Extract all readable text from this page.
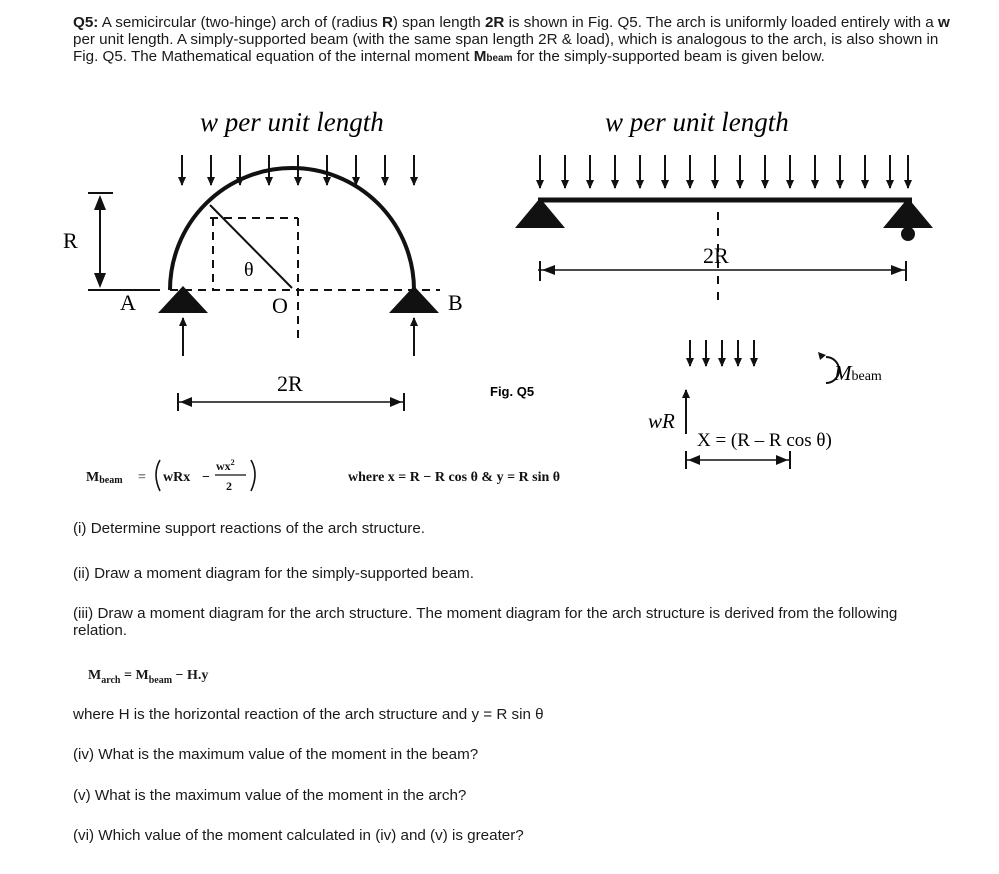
Q5: A semicircular (two-hinge) arch of (radius R) span length 2R is shown in Fig. Q5. The arch is uniformly loaded entirely with a w per unit length. A simply-supported beam (with the same span length 2R & load), which is analogous to the arch, is also shown in Fig. Q5. The Mathematical equation of the internal moment Mbeam for the simply-supported beam is given below.

w per unit length
R
θ
O
A	B
2R
w per unit length
2R
Fig. Q5
Mbeam
wR
X = (R – R cos θ)
Mbeam = wRx −
$wx^2$
2
where x = R − R cos θ & y = R sin θ

(i) Determine support reactions of the arch structure.

(ii) Draw a moment diagram for the simply-supported beam.

(iii) Draw a moment diagram for the arch structure. The moment diagram for the arch structure is derived from the following relation.

$M_{arch} = M_{beam} - H.y$

where H is the horizontal reaction of the arch structure and y = R sin θ

(iv) What is the maximum value of the moment in the beam?

(v) What is the maximum value of the moment in the arch?

(vi) Which value of the moment calculated in (iv) and (v) is greater?
